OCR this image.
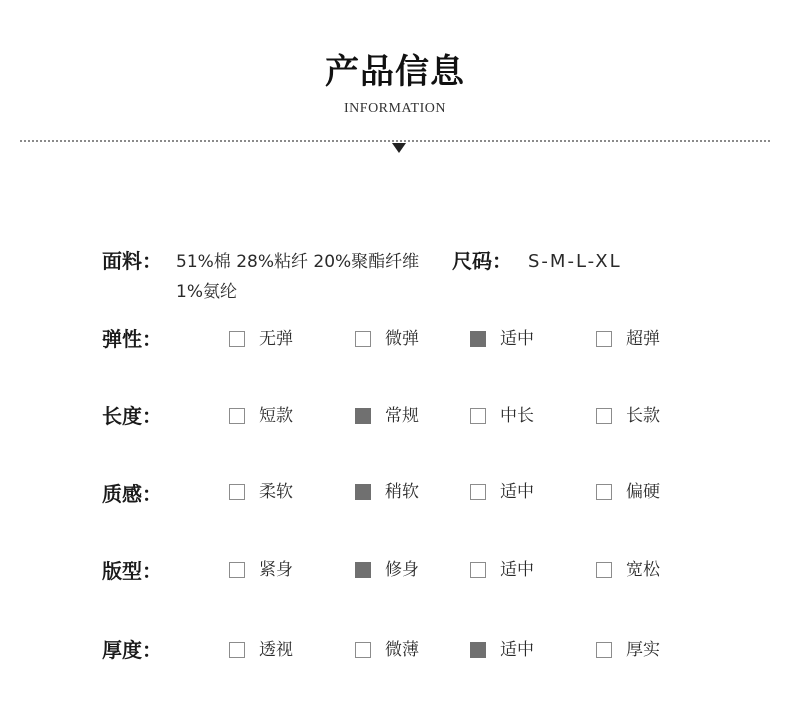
产品信息
INFORMATION
面料： 51%棉 28%粘纤 20%聚酯纤维
1%氨纶
尺码： S-M-L-XL
弹性：	无弹	微弹	适中	超弹
长度：	短款	常规	中长	长款
质感：	柔软	稍软	适中	偏硬
版型：	紧身	修身	适中	宽松
厚度：	透视	微薄	适中	厚实
